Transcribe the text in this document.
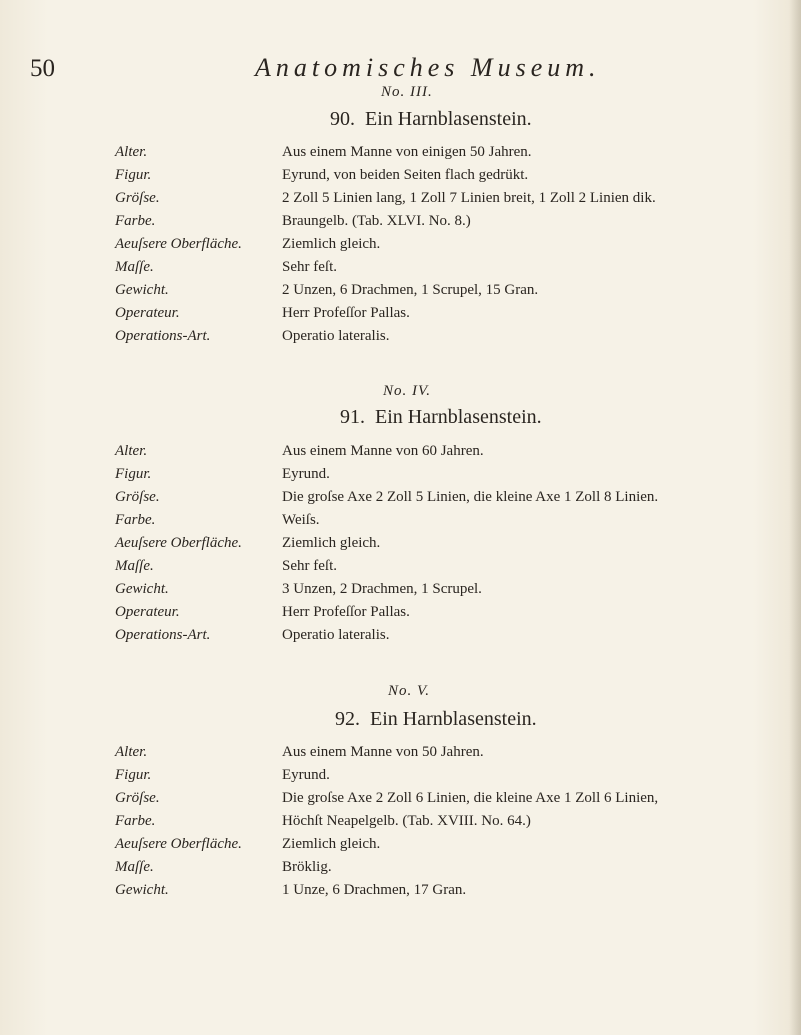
50	Anatomisches Museum.
No. III.
90. Ein Harnblasenstein.
Alter.	Aus einem Manne von einigen 50 Jahren.
Figur.	Eyrund, von beiden Seiten flach gedrükt.
Gröſse.	2 Zoll 5 Linien lang, 1 Zoll 7 Linien breit, 1 Zoll 2 Linien dik.
Farbe.	Braungelb. (Tab. XLVI. No. 8.)
Aeuſsere Oberfläche.	Ziemlich gleich.
Maſſe.	Sehr feſt.
Gewicht.	2 Unzen, 6 Drachmen, 1 Scrupel, 15 Gran.
Operateur.	Herr Profeſſor Pallas.
Operations-Art.	Operatio lateralis.
No. IV.
91. Ein Harnblasenstein.
Alter.	Aus einem Manne von 60 Jahren.
Figur.	Eyrund.
Gröſse.	Die groſse Axe 2 Zoll 5 Linien, die kleine Axe 1 Zoll 8 Linien.
Farbe.	Weiſs.
Aeuſsere Oberfläche.	Ziemlich gleich.
Maſſe.	Sehr feſt.
Gewicht.	3 Unzen, 2 Drachmen, 1 Scrupel.
Operateur.	Herr Profeſſor Pallas.
Operations-Art.	Operatio lateralis.
No. V.
92. Ein Harnblasenstein.
Alter.	Aus einem Manne von 50 Jahren.
Figur.	Eyrund.
Gröſse.	Die groſse Axe 2 Zoll 6 Linien, die kleine Axe 1 Zoll 6 Linien,
Farbe.	Höchſt Neapelgelb. (Tab. XVIII. No. 64.)
Aeuſsere Oberfläche.	Ziemlich gleich.
Maſſe.	Bröklig.
Gewicht.	1 Unze, 6 Drachmen, 17 Gran.
